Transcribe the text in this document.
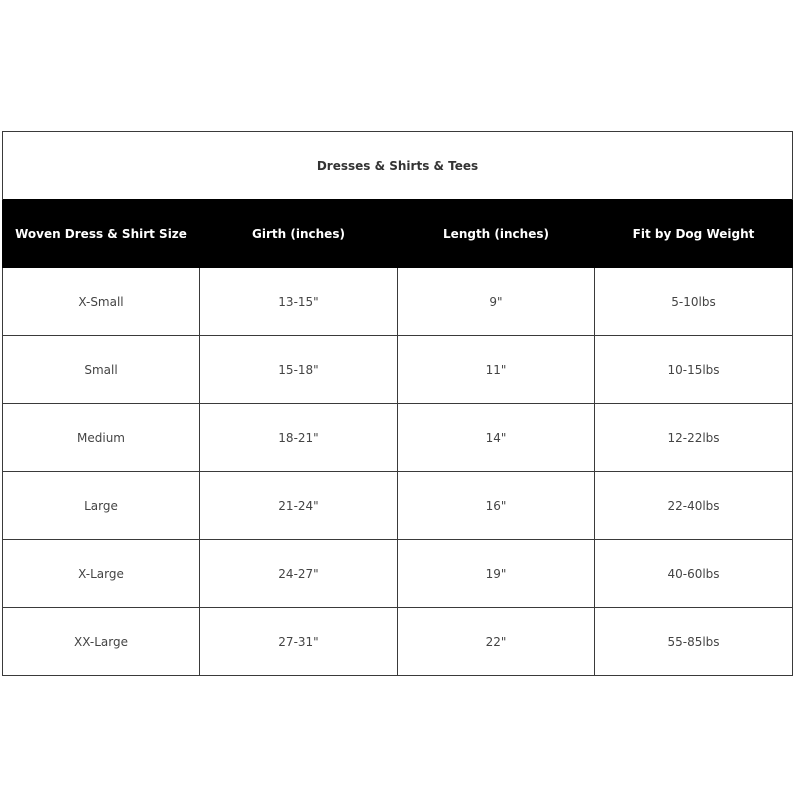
Dresses & Shirts & Tees			
Woven Dress & Shirt Size	Girth (inches)	Length (inches)	Fit by Dog Weight
X-Small	13-15"	9"	5-10lbs
Small	15-18"	11"	10-15lbs
Medium	18-21"	14"	12-22lbs
Large	21-24"	16"	22-40lbs
X-Large	24-27"	19"	40-60lbs
XX-Large	27-31"	22"	55-85lbs
